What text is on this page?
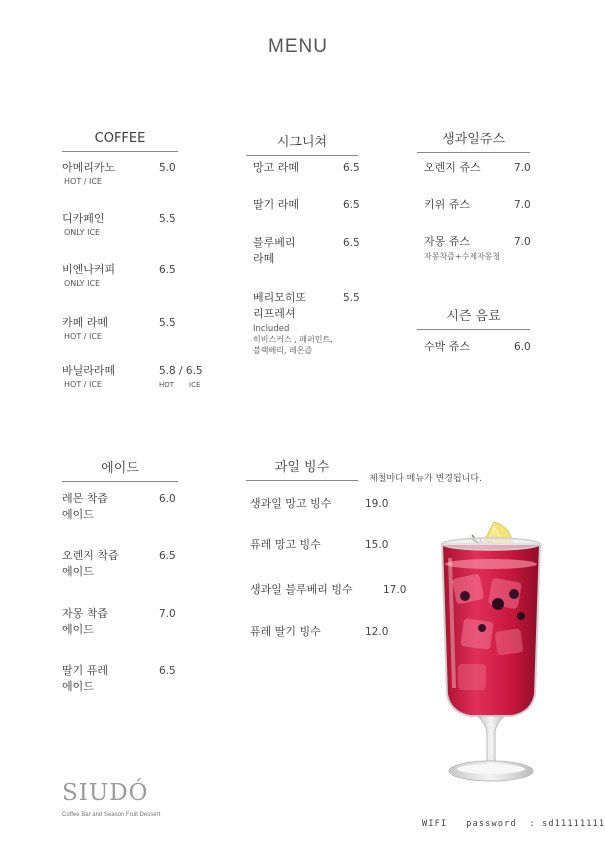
MENU
COFFEE
아메리카노
HOT / ICE
5.0
디카페인
ONLY ICE
5.5
비엔나커피
ONLY ICE
6.5
카페 라떼
HOT / ICE
5.5
바닐라라떼
HOT / ICE
5.8 / 6.5
HOT ICE
시그니쳐
망고 라떼	6.5
딸기 라떼	6.5
블루베리
라떼
6.5
베리모히또
리프레셔
5.5
Included
히비스커스 , 페퍼민트,
블랙베리, 레몬즙
생과일쥬스
오렌지 쥬스	7.0
키위 쥬스	7.0
자몽 쥬스	7.0
자몽착즙+수제자몽청
시즌 음료
수박 쥬스	6.0
에이드
레몬 착즙
에이드
6.0
오렌지 착즙
에이드
6.5
자몽 착즙
에이드
7.0
딸기 퓨레
에이드
6.5
과일 빙수
제철마다 메뉴가 변경됩니다.
생과일 망고 빙수	19.0
퓨레 망고 빙수	15.0
생과일 블루베리 빙수	17.0
퓨레 딸기 빙수	12.0
SIUDÓ
Coffee Bar and Season Fruit Dessert
WIFI password : sd11111111
